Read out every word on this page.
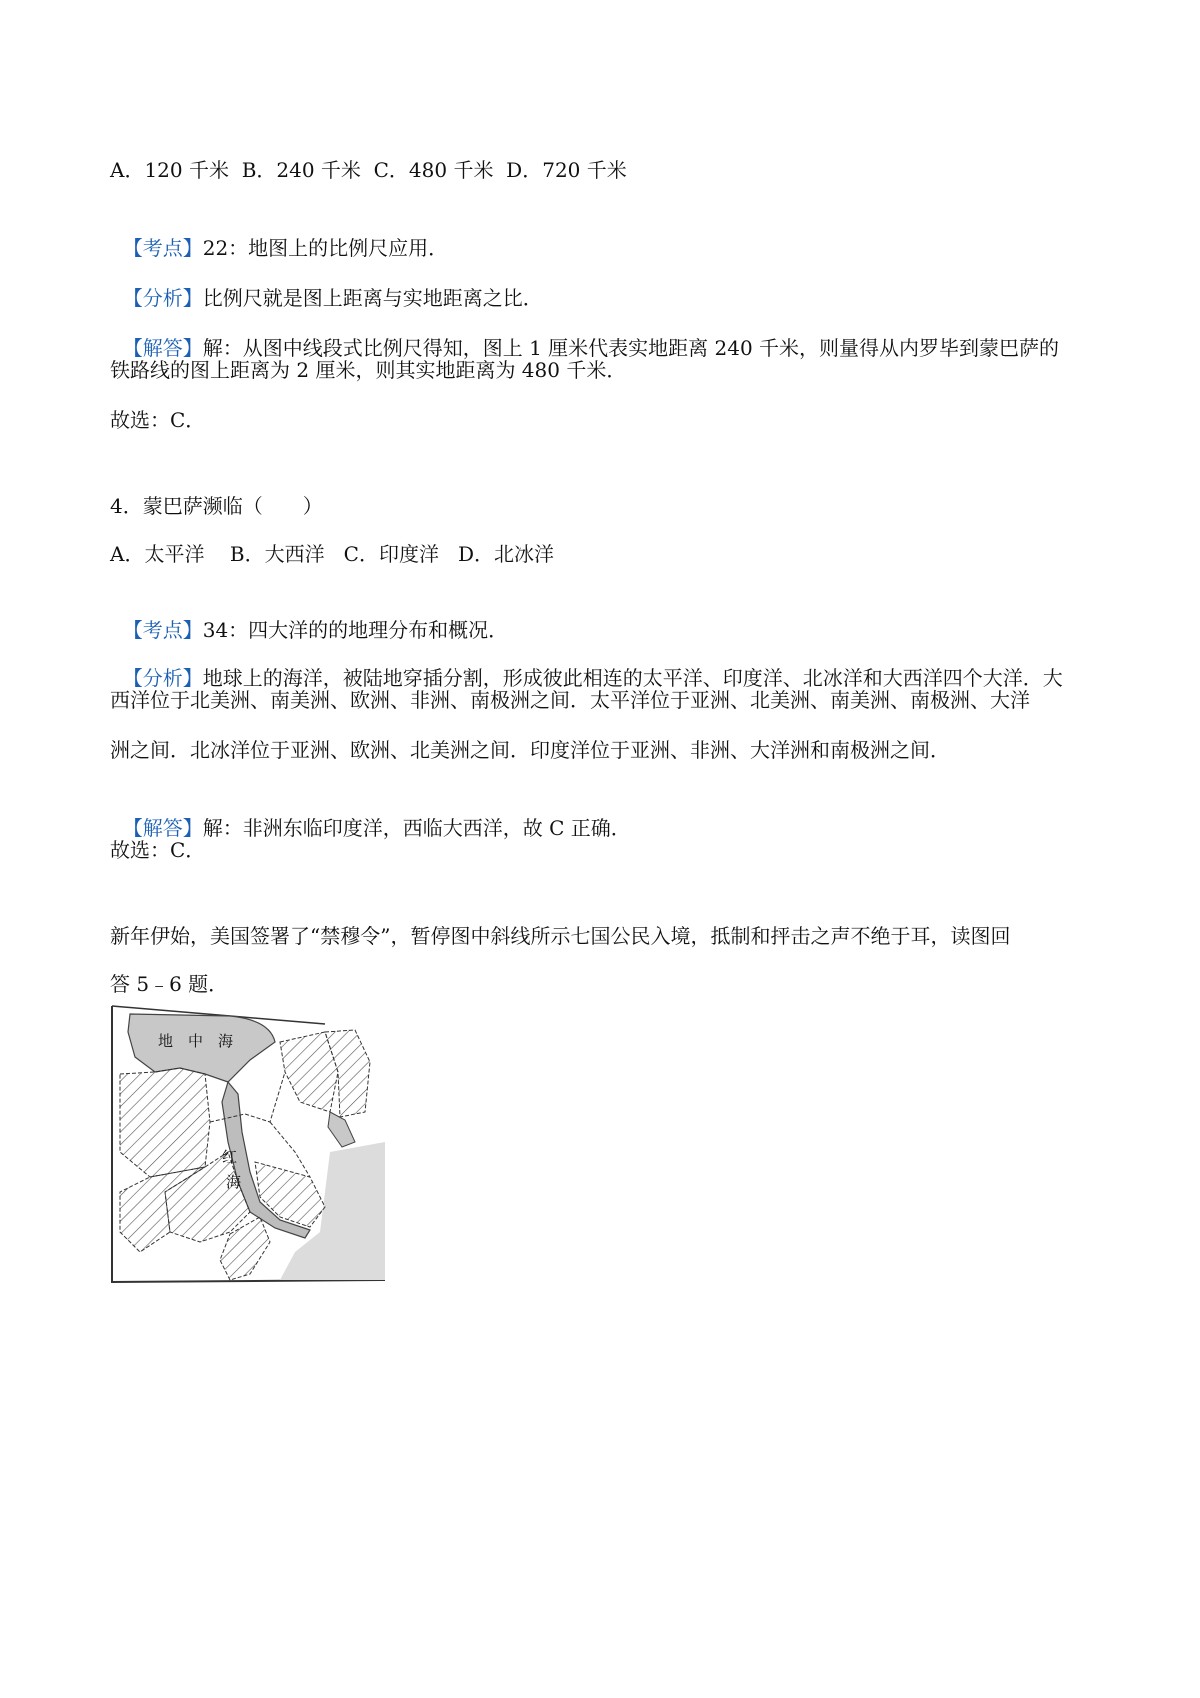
A．120 千米  B．240 千米  C．480 千米  D．720 千米

【考点】22：地图上的比例尺应用．

【分析】比例尺就是图上距离与实地距离之比．

【解答】解：从图中线段式比例尺得知，图上 1 厘米代表实地距离 240 千米，则量得从内罗毕到蒙巴萨的

铁路线的图上距离为 2 厘米，则其实地距离为 480 千米．
故选：C．
4．蒙巴萨濒临（　　）
A．太平洋    B．大西洋   C．印度洋   D．北冰洋

【考点】34：四大洋的的地理分布和概况．

【分析】地球上的海洋，被陆地穿插分割，形成彼此相连的太平洋、印度洋、北冰洋和大西洋四个大洋．大

西洋位于北美洲、南美洲、欧洲、非洲、南极洲之间．太平洋位于亚洲、北美洲、南美洲、南极洲、大洋
洲之间．北冰洋位于亚洲、欧洲、北美洲之间．印度洋位于亚洲、非洲、大洋洲和南极洲之间．

【解答】解：非洲东临印度洋，西临大西洋，故 C 正确．

故选：C．
新年伊始，美国签署了“禁穆令”，暂停图中斜线所示七国公民入境，抵制和抨击之声不绝于耳，读图回
答 5﹣6 题．
地 中 海
红
海
